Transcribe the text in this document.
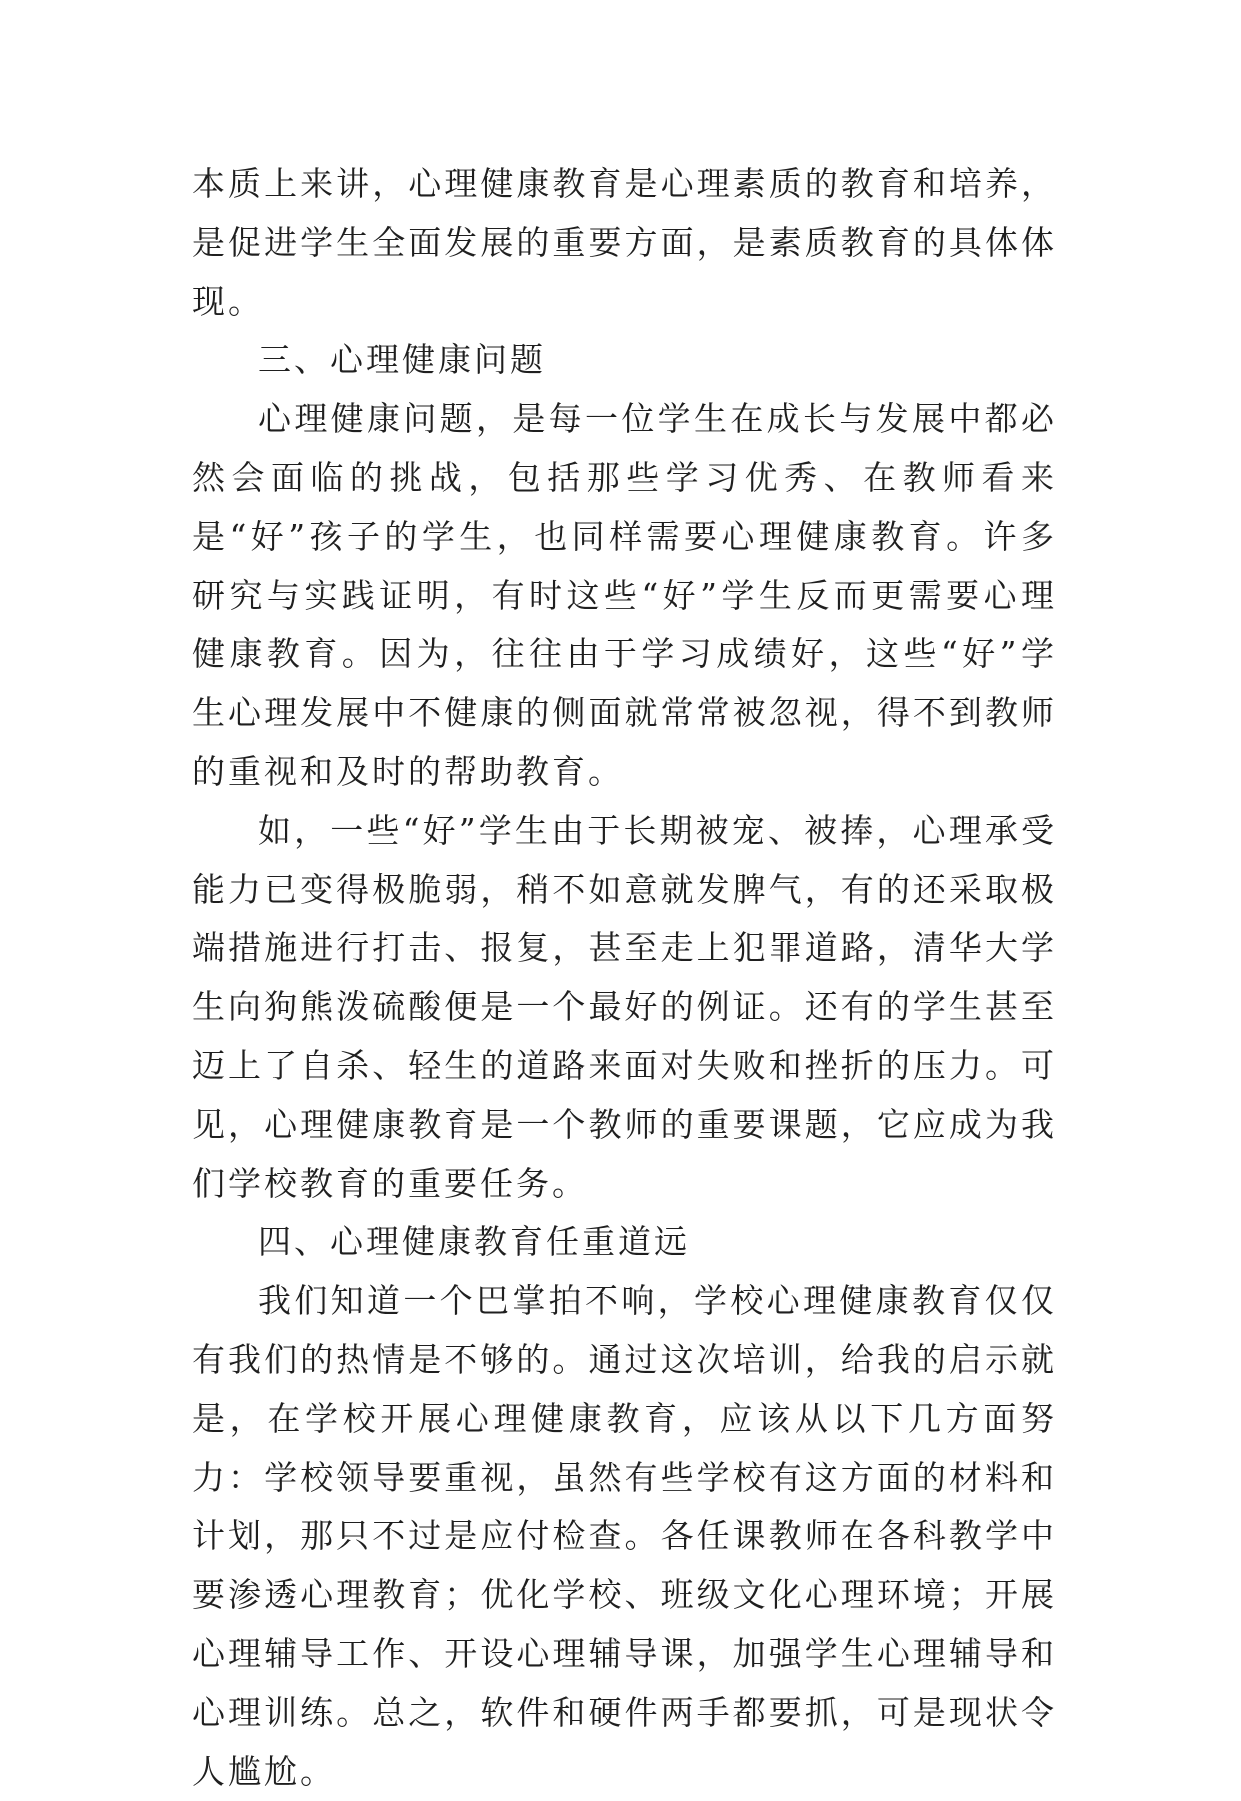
本质上来讲，心理健康教育是心理素质的教育和培养，是促进学生全面发展的重要方面，是素质教育的具体体现。

三、心理健康问题

心理健康问题，是每一位学生在成长与发展中都必然会面临的挑战，包括那些学习优秀、在教师看来是“好”孩子的学生，也同样需要心理健康教育。许多研究与实践证明，有时这些“好”学生反而更需要心理健康教育。因为，往往由于学习成绩好，这些“好”学生心理发展中不健康的侧面就常常被忽视，得不到教师的重视和及时的帮助教育。

如，一些“好”学生由于长期被宠、被捧，心理承受能力已变得极脆弱，稍不如意就发脾气，有的还采取极端措施进行打击、报复，甚至走上犯罪道路，清华大学生向狗熊泼硫酸便是一个最好的例证。还有的学生甚至迈上了自杀、轻生的道路来面对失败和挫折的压力。可见，心理健康教育是一个教师的重要课题，它应成为我们学校教育的重要任务。

四、心理健康教育任重道远

我们知道一个巴掌拍不响，学校心理健康教育仅仅有我们的热情是不够的。通过这次培训，给我的启示就是，在学校开展心理健康教育，应该从以下几方面努力：学校领导要重视，虽然有些学校有这方面的材料和计划，那只不过是应付检查。各任课教师在各科教学中要渗透心理教育；优化学校、班级文化心理环境；开展心理辅导工作、开设心理辅导课，加强学生心理辅导和心理训练。总之，软件和硬件两手都要抓，可是现状令人尴尬。
